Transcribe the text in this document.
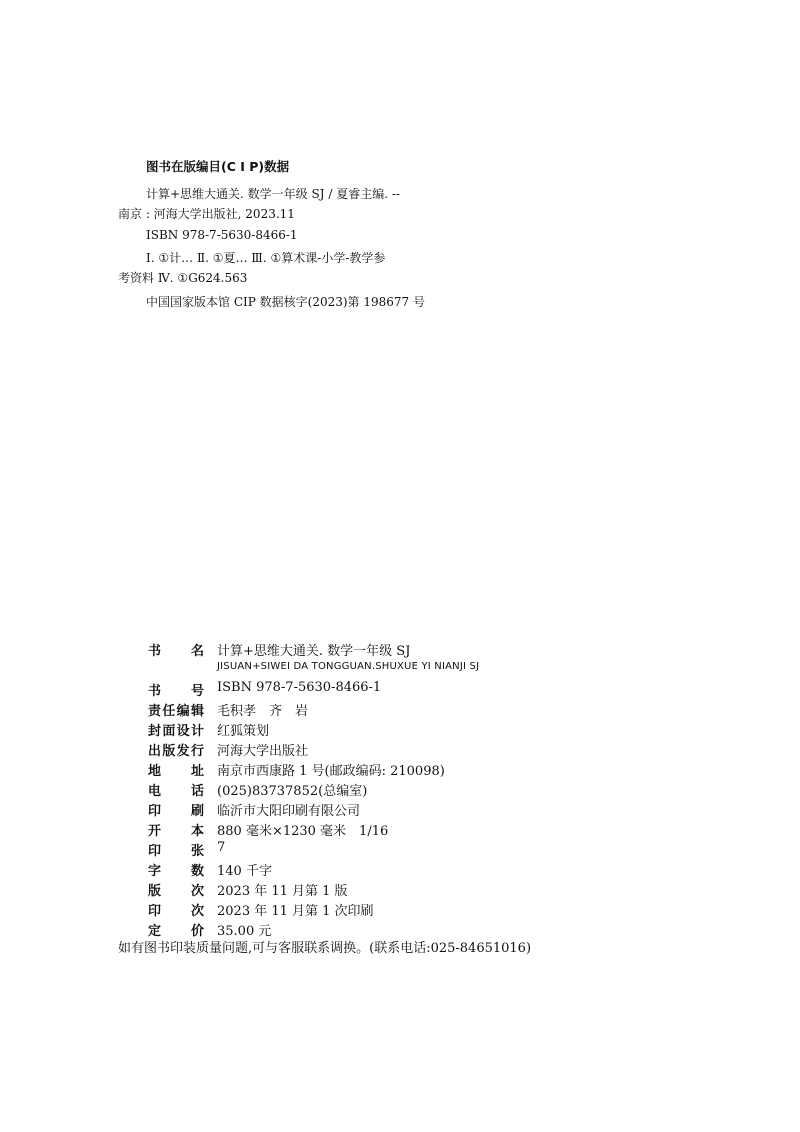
图书在版编目(C I P)数据
计算+思维大通关. 数学一年级 SJ / 夏睿主编. --
南京 : 河海大学出版社, 2023.11
ISBN 978-7-5630-8466-1
Ⅰ. ①计… Ⅱ. ①夏… Ⅲ. ①算术课-小学-教学参
考资料 Ⅳ. ①G624.563
中国国家版本馆 CIP 数据核字(2023)第 198677 号
书 名 计算+思维大通关. 数学一年级 SJ
JISUAN+SIWEI DA TONGGUAN.SHUXUE YI NIANJI SJ
书 号 ISBN 978-7-5630-8466-1
责 任 编 辑 毛积孝　齐　岩
封 面 设 计 红狐策划
出 版 发 行 河海大学出版社
地 址 南京市西康路 1 号(邮政编码: 210098)
电 话 (025)83737852(总编室)
印 刷 临沂市大阳印刷有限公司
开 本 880 毫米×1230 毫米　1/16
印 张 7
字 数 140 千字
版 次 2023 年 11 月第 1 版
印 次 2023 年 11 月第 1 次印刷
定 价 35.00 元
如有图书印装质量问题,可与客服联系调换。(联系电话:025-84651016)
